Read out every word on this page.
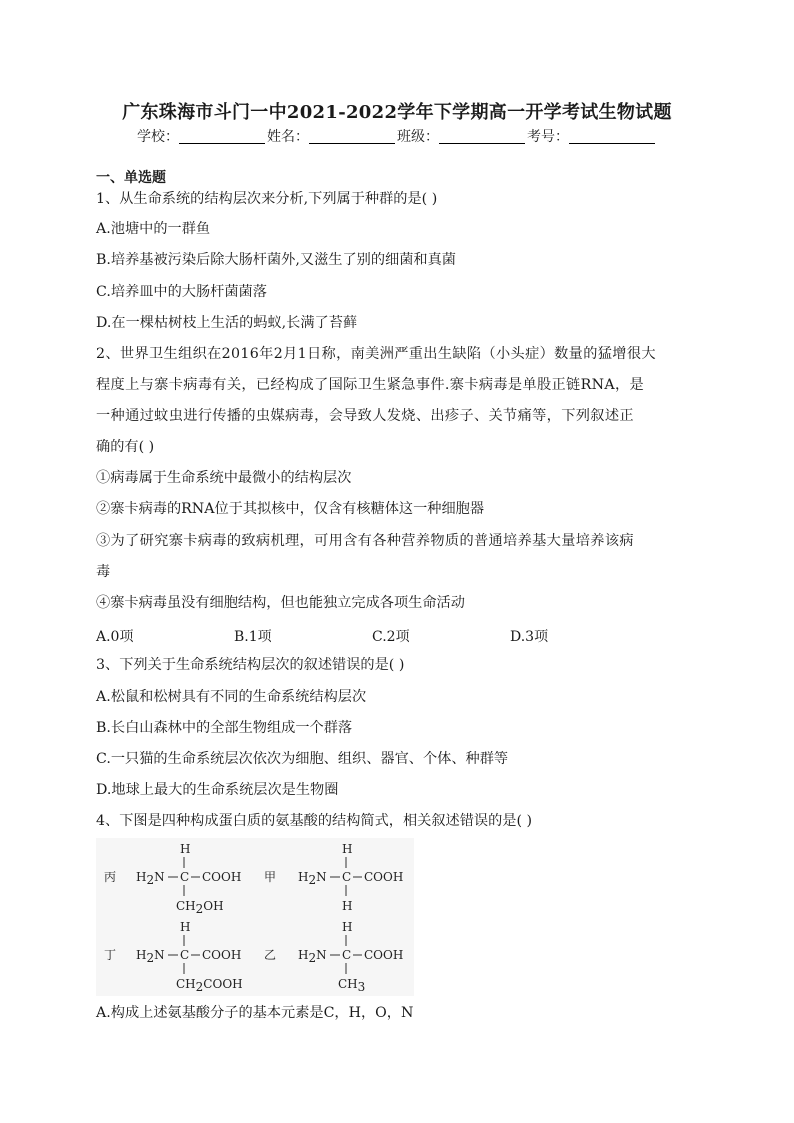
广东珠海市斗门一中2021-2022学年下学期高一开学考试生物试题
学校：	姓名：	班级：	考号：
一、单选题
1、从生命系统的结构层次来分析,下列属于种群的是( )
A.池塘中的一群鱼
B.培养基被污染后除大肠杆菌外,又滋生了别的细菌和真菌
C.培养皿中的大肠杆菌菌落
D.在一棵枯树枝上生活的蚂蚁,长满了苔藓
2、世界卫生组织在2016年2月1日称，南美洲严重出生缺陷（小头症）数量的猛增很大
程度上与寨卡病毒有关，已经构成了国际卫生紧急事件.寨卡病毒是单股正链RNA，是
一种通过蚊虫进行传播的虫媒病毒，会导致人发烧、出疹子、关节痛等，下列叙述正
确的有( )
①病毒属于生命系统中最微小的结构层次
②寨卡病毒的RNA位于其拟核中，仅含有核糖体这一种细胞器
③为了研究寨卡病毒的致病机理，可用含有各种营养物质的普通培养基大量培养该病
毒
④寨卡病毒虽没有细胞结构，但也能独立完成各项生命活动
A.0项	B.1项	C.2项	D.3项
3、下列关于生命系统结构层次的叙述错误的是( )
A.松鼠和松树具有不同的生命系统结构层次
B.长白山森林中的全部生物组成一个群落
C.一只猫的生命系统层次依次为细胞、组织、器官、个体、种群等
D.地球上最大的生命系统层次是生物圈
4、下图是四种构成蛋白质的氨基酸的结构简式，相关叙述错误的是( )
丙
H
H2N C COOH
CH2OH
甲
H
H2N C COOH
H
丁
H
H2N C COOH
CH2COOH
乙
H
H2N C COOH
CH3
A.构成上述氨基酸分子的基本元素是C，H，O，N
